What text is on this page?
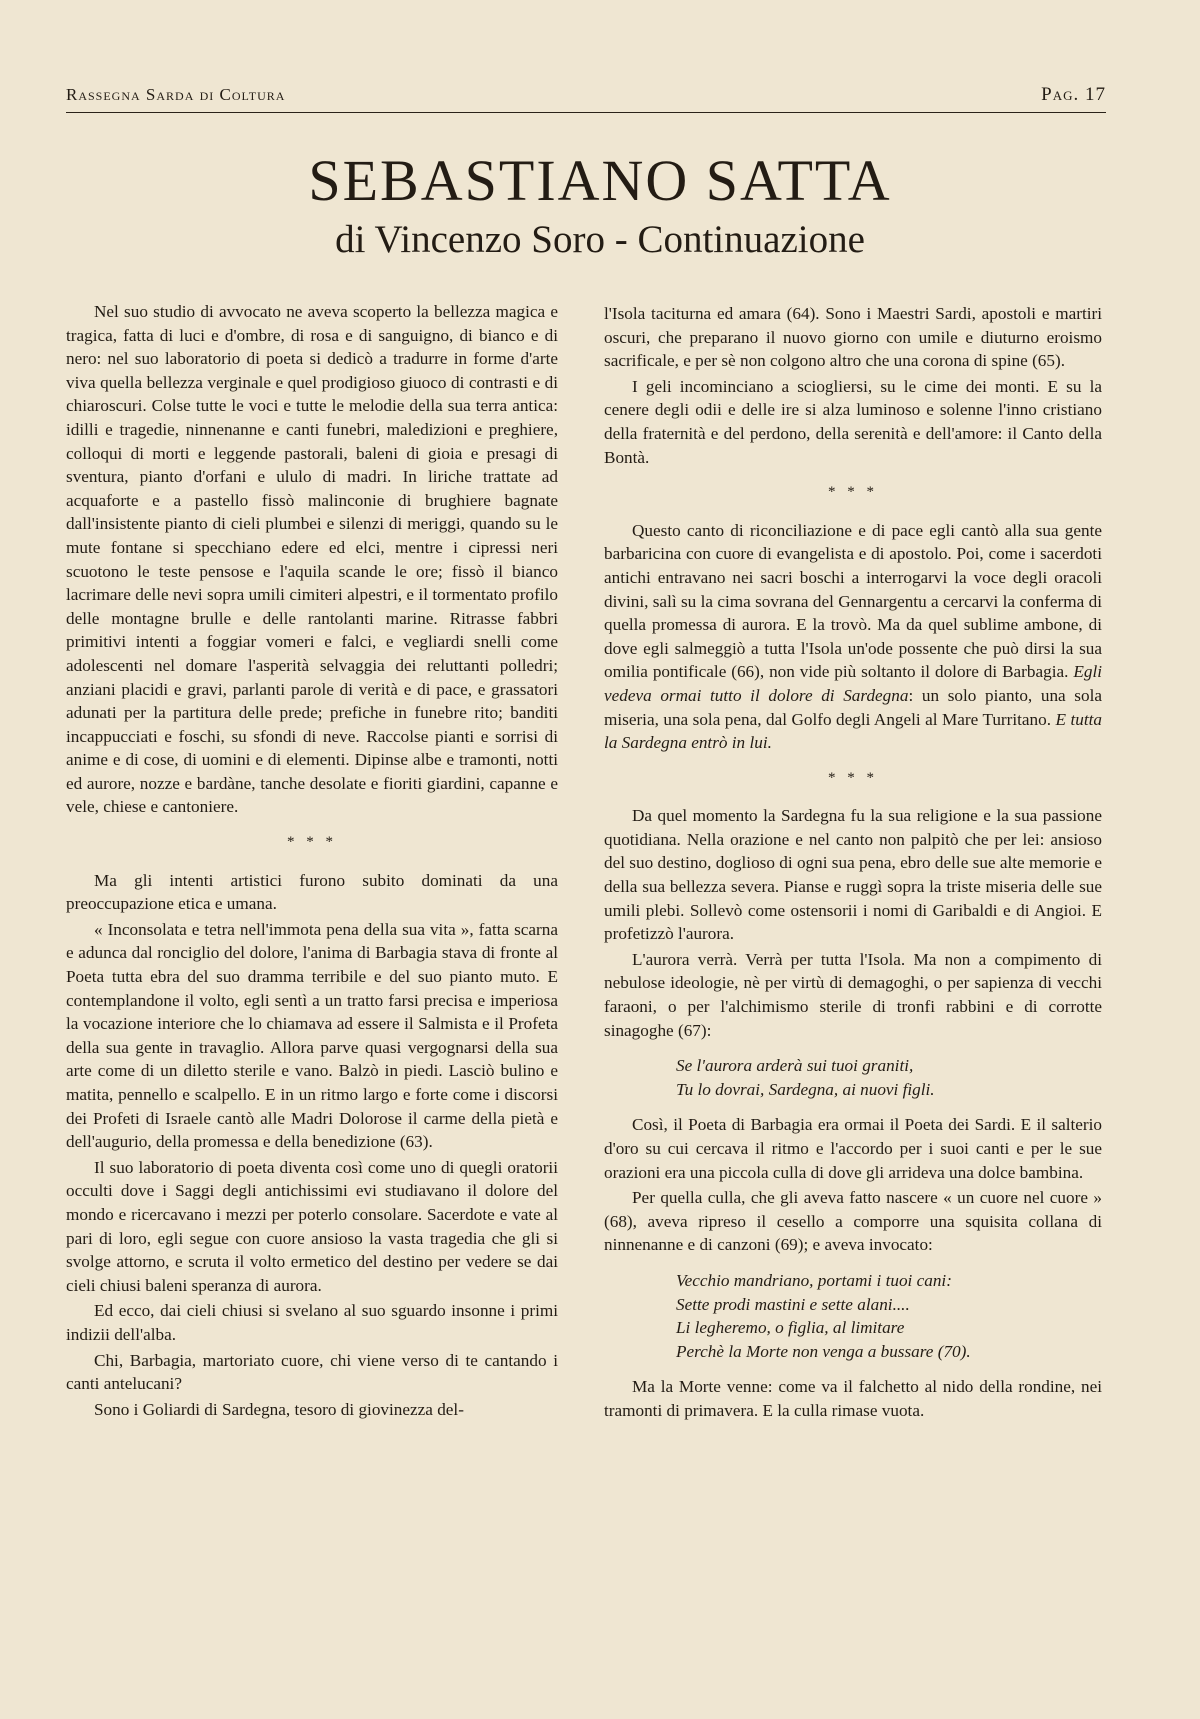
Rassegna Sarda di Coltura	Pag. 17
SEBASTIANO SATTA
di Vincenzo Soro - Continuazione

Nel suo studio di avvocato ne aveva scoperto la bellezza magica e tragica, fatta di luci e d'ombre, di rosa e di sanguigno, di bianco e di nero: nel suo laboratorio di poeta si dedicò a tradurre in forme d'arte viva quella bellezza verginale e quel prodigioso giuoco di contrasti e di chiaroscuri. Colse tutte le voci e tutte le melodie della sua terra antica: idilli e tragedie, ninnenanne e canti funebri, maledizioni e preghiere, colloqui di morti e leggende pastorali, baleni di gioia e presagi di sventura, pianto d'orfani e ululo di madri. In liriche trattate ad acquaforte e a pastello fissò malinconie di brughiere bagnate dall'insistente pianto di cieli plumbei e silenzi di meriggi, quando su le mute fontane si specchiano edere ed elci, mentre i cipressi neri scuotono le teste pensose e l'aquila scande le ore; fissò il bianco lacrimare delle nevi sopra umili cimiteri alpestri, e il tormentato profilo delle montagne brulle e delle rantolanti marine. Ritrasse fabbri primitivi intenti a foggiar vomeri e falci, e vegliardi snelli come adolescenti nel domare l'asperità selvaggia dei reluttanti polledri; anziani placidi e gravi, parlanti parole di verità e di pace, e grassatori adunati per la partitura delle prede; prefiche in funebre rito; banditi incappucciati e foschi, su sfondi di neve. Raccolse pianti e sorrisi di anime e di cose, di uomini e di elementi. Dipinse albe e tramonti, notti ed aurore, nozze e bardàne, tanche desolate e fioriti giardini, capanne e vele, chiese e cantoniere.

* * *

Ma gli intenti artistici furono subito dominati da una preoccupazione etica e umana.

« Inconsolata e tetra nell'immota pena della sua vita », fatta scarna e adunca dal ronciglio del dolore, l'anima di Barbagia stava di fronte al Poeta tutta ebra del suo dramma terribile e del suo pianto muto. E contemplandone il volto, egli sentì a un tratto farsi precisa e imperiosa la vocazione interiore che lo chiamava ad essere il Salmista e il Profeta della sua gente in travaglio. Allora parve quasi vergognarsi della sua arte come di un diletto sterile e vano. Balzò in piedi. Lasciò bulino e matita, pennello e scalpello. E in un ritmo largo e forte come i discorsi dei Profeti di Israele cantò alle Madri Dolorose il carme della pietà e dell'augurio, della promessa e della benedizione (63).

Il suo laboratorio di poeta diventa così come uno di quegli oratorii occulti dove i Saggi degli antichissimi evi studiavano il dolore del mondo e ricercavano i mezzi per poterlo consolare. Sacerdote e vate al pari di loro, egli segue con cuore ansioso la vasta tragedia che gli si svolge attorno, e scruta il volto ermetico del destino per vedere se dai cieli chiusi baleni speranza di aurora.

Ed ecco, dai cieli chiusi si svelano al suo sguardo insonne i primi indizii dell'alba.

Chi, Barbagia, martoriato cuore, chi viene verso di te cantando i canti antelucani?

Sono i Goliardi di Sardegna, tesoro di giovinezza del-

l'Isola taciturna ed amara (64). Sono i Maestri Sardi, apostoli e martiri oscuri, che preparano il nuovo giorno con umile e diuturno eroismo sacrificale, e per sè non colgono altro che una corona di spine (65).

I geli incominciano a sciogliersi, su le cime dei monti. E su la cenere degli odii e delle ire si alza luminoso e solenne l'inno cristiano della fraternità e del perdono, della serenità e dell'amore: il Canto della Bontà.

* * *

Questo canto di riconciliazione e di pace egli cantò alla sua gente barbaricina con cuore di evangelista e di apostolo. Poi, come i sacerdoti antichi entravano nei sacri boschi a interrogarvi la voce degli oracoli divini, salì su la cima sovrana del Gennargentu a cercarvi la conferma di quella promessa di aurora. E la trovò. Ma da quel sublime ambone, di dove egli salmeggiò a tutta l'Isola un'ode possente che può dirsi la sua omilia pontificale (66), non vide più soltanto il dolore di Barbagia. Egli vedeva ormai tutto il dolore di Sardegna: un solo pianto, una sola miseria, una sola pena, dal Golfo degli Angeli al Mare Turritano. E tutta la Sardegna entrò in lui.

* * *

Da quel momento la Sardegna fu la sua religione e la sua passione quotidiana. Nella orazione e nel canto non palpitò che per lei: ansioso del suo destino, doglioso di ogni sua pena, ebro delle sue alte memorie e della sua bellezza severa. Pianse e ruggì sopra la triste miseria delle sue umili plebi. Sollevò come ostensorii i nomi di Garibaldi e di Angioi. E profetizzò l'aurora.

L'aurora verrà. Verrà per tutta l'Isola. Ma non a compimento di nebulose ideologie, nè per virtù di demagoghi, o per sapienza di vecchi faraoni, o per l'alchimismo sterile di tronfi rabbini e di corrotte sinagoghe (67):

Se l'aurora arderà sui tuoi graniti,
Tu lo dovrai, Sardegna, ai nuovi figli.

Così, il Poeta di Barbagia era ormai il Poeta dei Sardi. E il salterio d'oro su cui cercava il ritmo e l'accordo per i suoi canti e per le sue orazioni era una piccola culla di dove gli arrideva una dolce bambina.

Per quella culla, che gli aveva fatto nascere « un cuore nel cuore » (68), aveva ripreso il cesello a comporre una squisita collana di ninnenanne e di canzoni (69); e aveva invocato:

Vecchio mandriano, portami i tuoi cani:
Sette prodi mastini e sette alani....
Li legheremo, o figlia, al limitare
Perchè la Morte non venga a bussare (70).

Ma la Morte venne: come va il falchetto al nido della rondine, nei tramonti di primavera. E la culla rimase vuota.
